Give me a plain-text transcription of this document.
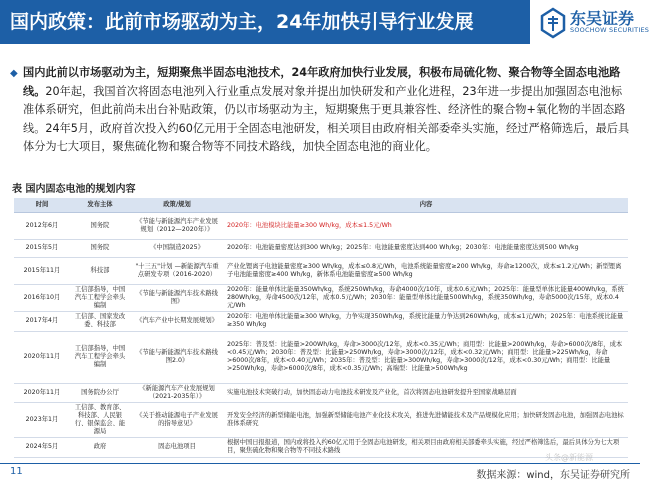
国内政策：此前市场驱动为主，24年加快引导行业发展	东吴证券
SOOCHOW SECURITIES
◆ 国内此前以市场驱动为主，短期聚焦半固态电池技术，24年政府加快行业发展，积极布局硫化物、聚合物等全固态电池路线。20年起，我国首次将固态电池列入行业重点发展对象并提出加快研发和产业化进程，23年进一步提出加强固态电池标准体系研究，但此前尚未出台补贴政策，仍以市场驱动为主，短期聚焦于更具兼容性、经济性的聚合物+氧化物的半固态路线。24年5月，政府首次投入约60亿元用于全固态电池研发，相关项目由政府相关部委牵头实施，经过严格筛选后，最后具体分为七大项目，聚焦硫化物和聚合物等不同技术路线，加快全固态电池的商业化。
表 国内固态电池的规划内容
时间	发布主体	政策/规划	内容
2012年6月	国务院	《节能与新能源汽车产业发展规划（2012—2020年）》	2020年：电池模块比能量≥300 Wh/kg，成本≤1.5元/Wh
2015年5月	国务院	《中国制造2025》	2020年：电池能量密度达到300 Wh/kg；2025年：电池能量密度达到400 Wh/kg；2030年：电池能量密度达到500 Wh/kg
2015年11月	科技部	"十三五"计划 —新能源汽车重点研发专项（2016-2020）	产业化锂离子电池能量密度≥300 Wh/kg，成本≤0.8元/Wh，电池系统能量密度≥200 Wh/kg，寿命≥1200次，成本≤1.2元/Wh；新型锂离子电池能量密度≥400 Wh/kg，新体系电池能量密度≥500 Wh/kg
2016年10月	工信部指导，中国汽车工程学会牵头编制	《节能与新能源汽车技术路线图》	2020年：能量单体比能量350Wh/kg，系统250Wh/kg，寿命4000次/10年，成本0.6元/Wh；2025年：能量型单体比能量400Wh/kg，系统280Wh/kg，寿命4500次/12年，成本0.5元/Wh；2030年：能量型单体比能量500Wh/kg，系统350Wh/kg，寿命5000次/15年，成本0.4元/Wh
2017年4月	工信部、国家发改委、科技部	《汽车产业中长期发展规划》	2020年：电池单体比能量≥300 Wh/kg，力争实现350Wh/kg，系统比能量力争达到260Wh/kg，成本≤1元/Wh；2025年：电池系统比能量≥350 Wh/kg
2020年11月	工信部指导，中国汽车工程学会牵头编制	《节能与新能源汽车技术路线图2.0》	2025年：普及型：比能量>200Wh/kg，寿命>3000次/12年，成本<0.35元/Wh；商用型：比能量>200Wh/kg，寿命>6000次/8年，成本<0.45元/Wh；2030年：普及型：比能量>250Wh/kg，寿命>3000次/12年，成本<0.32元/Wh；商用型：比能量>225Wh/kg，寿命>6000次/8年，成本<0.40元/Wh；2035年：普及型：比能量>300Wh/kg，寿命>3000次/12年，成本<0.30元/Wh；商用型：比能量>250Wh/kg，寿命>6000次/8年，成本<0.35元/Wh；高端型：比能量>500Wh/kg
2020年11月	国务院办公厅	《新能源汽车产业发展规划（2021-2035年）》	实施电池技术突破行动，加快固态动力电池技术研发及产业化，首次将固态电池研发提升至国家战略层面
2023年1月	工信部、教育部、科技部、人民银行、银保监会、能源局	《关于推动能源电子产业发展的指导意见》	开发安全经济的新型储能电池，加强新型储能电池产业化技术攻关，推进先进储能技术及产品规模化应用；加快研发固态电池，加强固态电池标准体系研究
2024年5月	政府	固态电池项目	根据中国日报报道，国内或将投入约60亿元用于全固态电池研发，相关项目由政府相关部委牵头实施，经过严格筛选后，最后具体分为七大项目，聚焦硫化物和聚合物等不同技术路线
头条@新能源
11	数据来源：wind，东吴证券研究所
